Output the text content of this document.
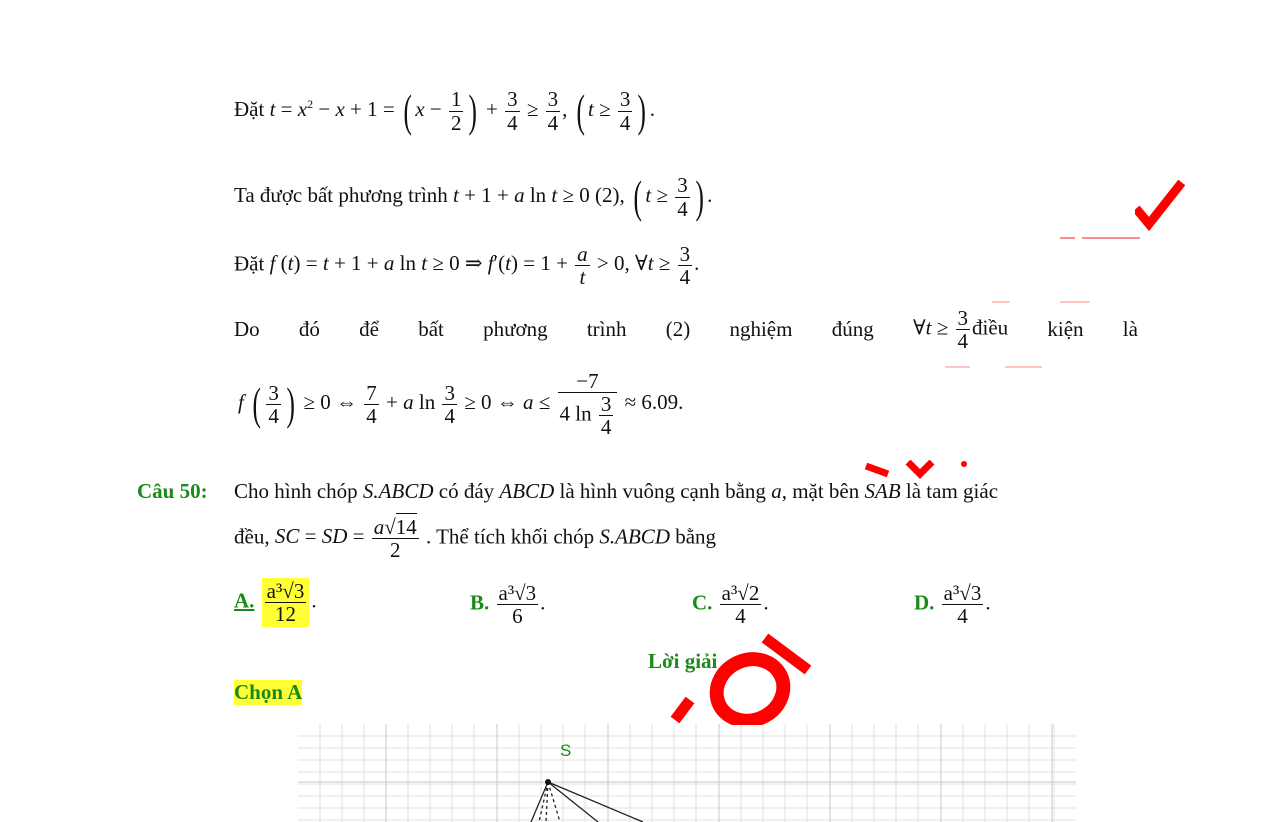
Đặt $t = x^2 - x + 1$ = ( $x - \frac{1}{2}$ ) + $\frac{3}{4} \ge \frac{3}{4}$ , ( $t \ge \frac{3}{4}$ ) .
Ta được bất phương trình t + 1 + a ln t ≥ 0 (2), ( $t \ge \frac{3}{4}$ ) .
Đặt f (t) = t + 1 + a ln t ≥ 0 ⇒ $f'(t) = 1 + \frac{a}{t} > 0$, ∀t ≥ $\frac{3}{4}$ .
Do đó để bất phương trình (2) nghiệm đúng ∀t ≥ $\frac{3}{4}$ điều kiện là
f ( $\frac{3}{4}$ ) ≥ 0 ⇔ $\frac{7}{4} + a$ $\ln \frac{3}{4} \ge 0$ ⇔ $a \le \frac{-7}{4 \ln \frac{3}{4}} \approx 6.09$.
Câu 50: Cho hình chóp S.ABCD có đáy ABCD là hình vuông cạnh bằng a, mặt bên SAB là tam giác
đều, SC = SD = $\frac{a√14}{2}$ . Thể tích khối chóp S.ABCD bằng
A. $\frac{\text{a³√3}}{12}$ .	B. $\frac{\text{a³√3}}{6}$ .	C. $\frac{\text{a³√2}}{4}$ .	D. $\frac{\text{a³√3}}{4}$ .
Lời giải
Chọn A
S
